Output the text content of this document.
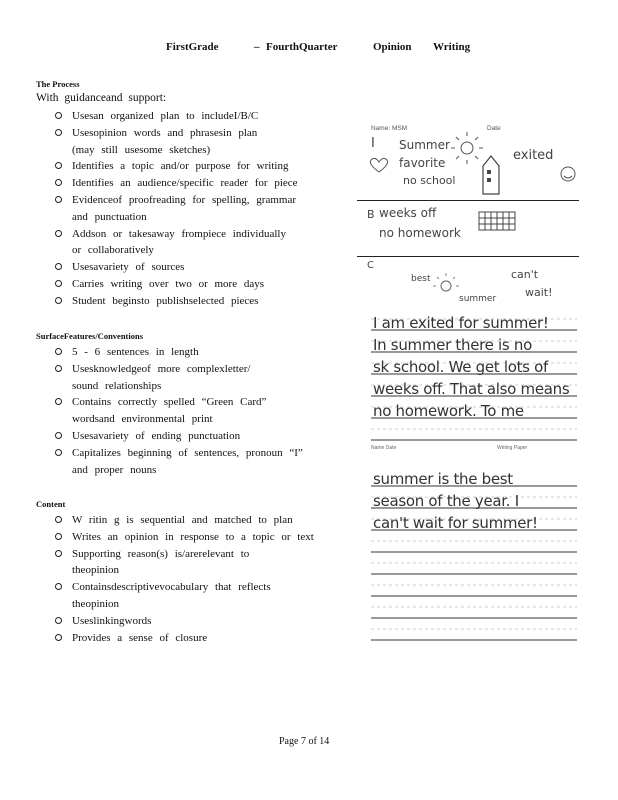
FirstGrade	– FourthQuarter	Opinion Writing
The Process
With guidanceand support:
Usesan organized plan to includeI/B/C
Usesopinion words and phrasesin plan
(may still usesome sketches)
Identifies a topic and/or purpose for writing
Identifies an audience/specific reader for piece
Evidenceof proofreading for spelling, grammar
and punctuation
Addson or takesaway frompiece individually
or collaboratively
Usesavariety of sources
Carries writing over two or more days
Student beginsto publishselected pieces
SurfaceFeatures/Conventions
5 - 6 sentences in length
Usesknowledgeof more complexletter/
sound relationships
Contains correctly spelled “Green Card”
wordsand environmental print
Usesavariety of ending punctuation
Capitalizes beginning of sentences, pronoun “I”
and proper nouns
Content
W ritin g is sequential and matched to plan
Writes an opinion in response to a topic or text
Supporting reason(s) is/arerelevant to
theopinion
Containsdescriptivevocabulary that reflects
theopinion
Useslinkingwords
Provides a sense of closure
Name: MSM	Date
I Summer
favorite
no school
exited
B weeks off
no homework
C
best
summer
can't
wait!
Name Date	Writing Paper
I am exited for summer!
In summer there is no
sk school. We get lots of
weeks off. That also means
no homework. To me
summer is the best
season of the year. I
can't wait for summer!
Page 7 of 14
